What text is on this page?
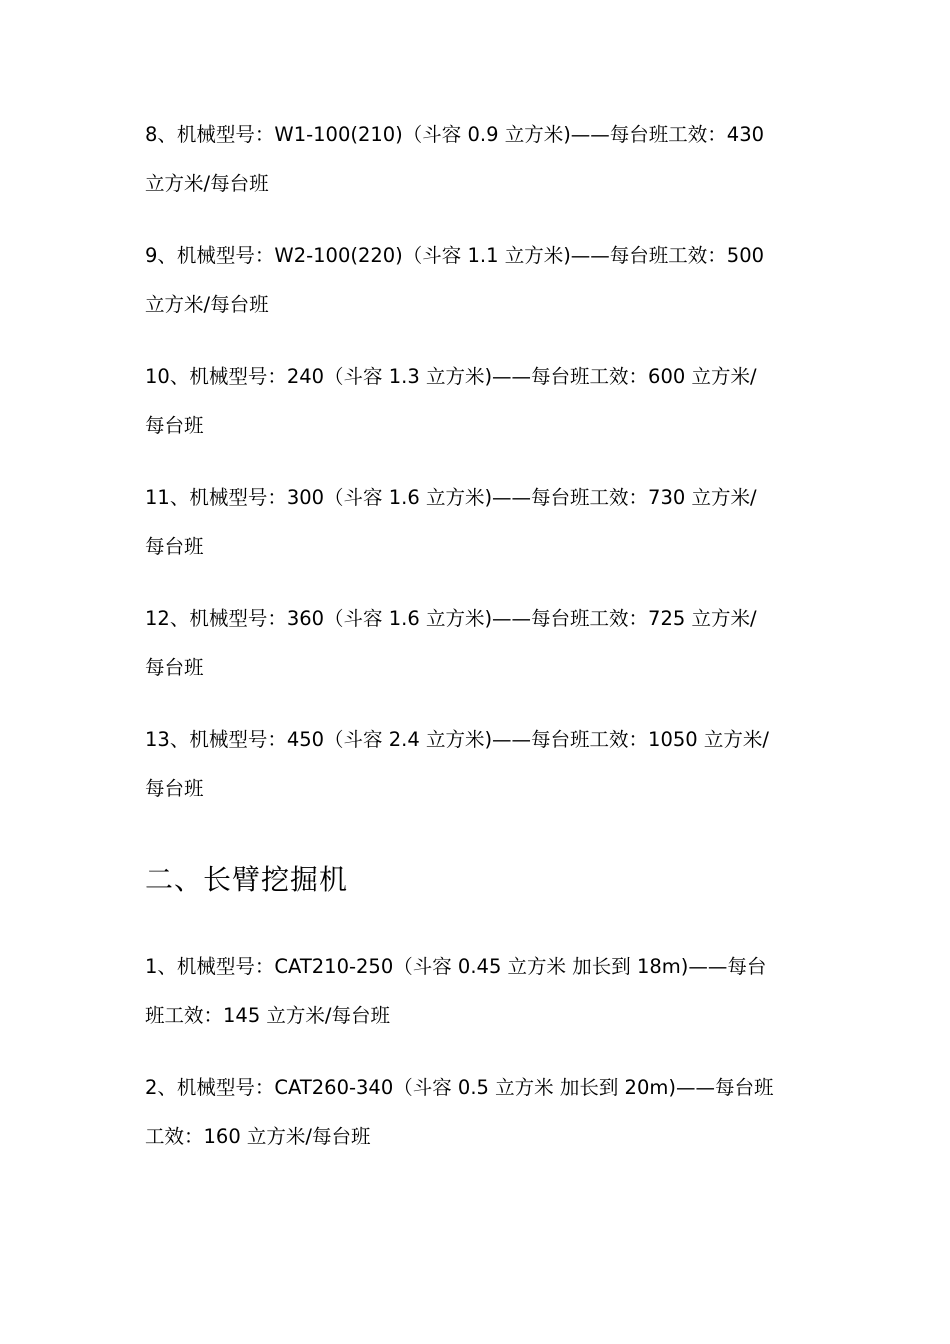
8、机械型号：W1-100(210)（斗容 0.9 立方米)——每台班工效：430
立方米/每台班
9、机械型号：W2-100(220)（斗容 1.1 立方米)——每台班工效：500
立方米/每台班
10、机械型号：240（斗容 1.3 立方米)——每台班工效：600 立方米/
每台班
11、机械型号：300（斗容 1.6 立方米)——每台班工效：730 立方米/
每台班
12、机械型号：360（斗容 1.6 立方米)——每台班工效：725 立方米/
每台班
13、机械型号：450（斗容 2.4 立方米)——每台班工效：1050 立方米/
每台班
二、长臂挖掘机
1、机械型号：CAT210-250（斗容 0.45 立方米 加长到 18m)——每台
班工效：145 立方米/每台班
2、机械型号：CAT260-340（斗容 0.5 立方米 加长到 20m)——每台班
工效：160 立方米/每台班
